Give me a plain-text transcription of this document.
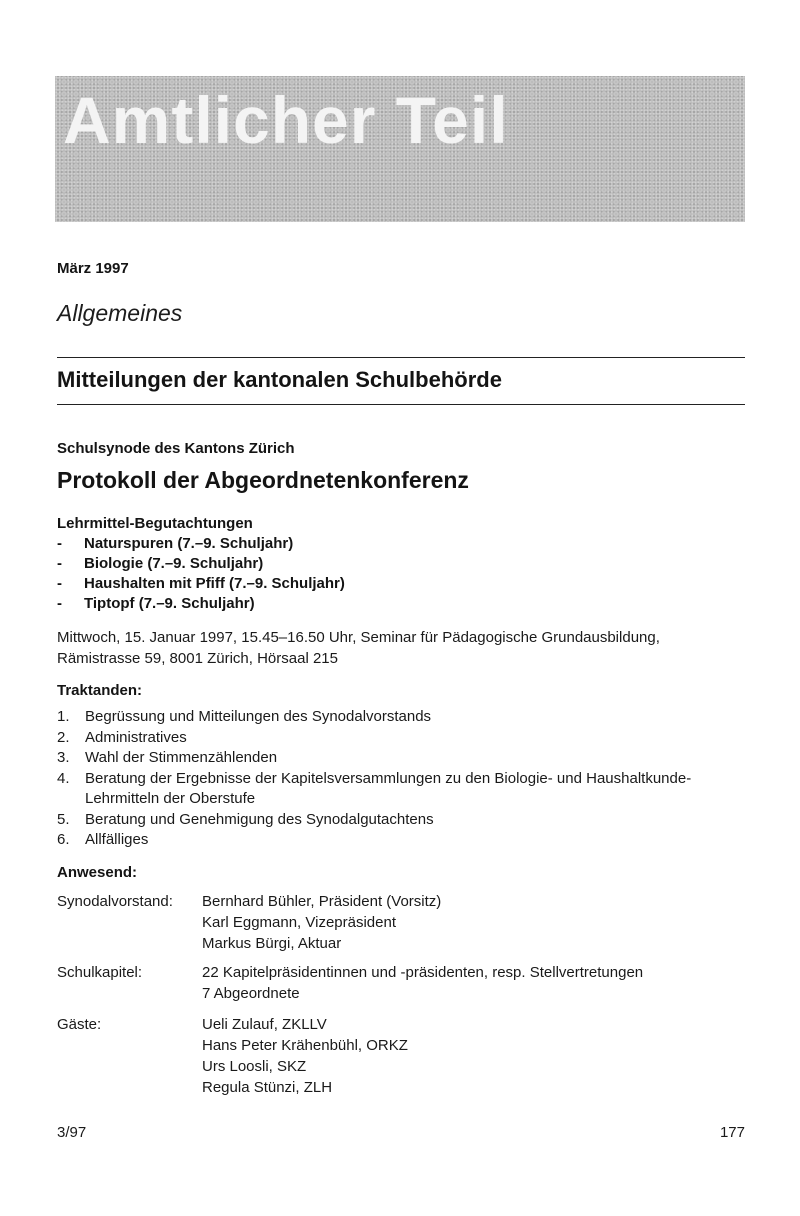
Amtlicher Teil
März 1997
Allgemeines
Mitteilungen der kantonalen Schulbehörde
Schulsynode des Kantons Zürich
Protokoll der Abgeordnetenkonferenz
Lehrmittel-Begutachtungen
- Naturspuren (7.–9. Schuljahr)
- Biologie (7.–9. Schuljahr)
- Haushalten mit Pfiff (7.–9. Schuljahr)
- Tiptopf (7.–9. Schuljahr)
Mittwoch, 15. Januar 1997, 15.45–16.50 Uhr, Seminar für Pädagogische Grundausbildung,
Rämistrasse 59, 8001 Zürich, Hörsaal 215
Traktanden:
1. Begrüssung und Mitteilungen des Synodalvorstands
2. Administratives
3. Wahl der Stimmenzählenden
4. Beratung der Ergebnisse der Kapitelsversammlungen zu den Biologie- und Haushaltkunde-
Lehrmitteln der Oberstufe
5. Beratung und Genehmigung des Synodalgutachtens
6. Allfälliges
Anwesend:
Synodalvorstand: Bernhard Bühler, Präsident (Vorsitz)
Karl Eggmann, Vizepräsident
Markus Bürgi, Aktuar
Schulkapitel:	22 Kapitelpräsidentinnen und -präsidenten, resp. Stellvertretungen
7 Abgeordnete
Gäste:	Ueli Zulauf, ZKLLV
Hans Peter Krähenbühl, ORKZ
Urs Loosli, SKZ
Regula Stünzi, ZLH
3/97	177
